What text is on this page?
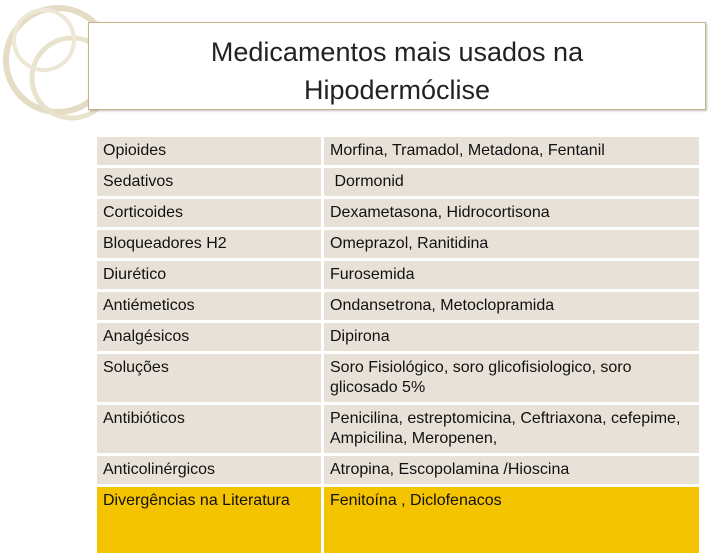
Medicamentos mais usados na
Hipodermóclise
Opioides	Morfina, Tramadol, Metadona, Fentanil
Sedativos	Dormonid
Corticoides	Dexametasona, Hidrocortisona
Bloqueadores H2	Omeprazol, Ranitidina
Diurético	Furosemida
Antiémeticos	Ondansetrona, Metoclopramida
Analgésicos	Dipirona
Soluções	Soro Fisiológico, soro glicofisiologico, soro glicosado 5%
Antibióticos	Penicilina, estreptomicina, Ceftriaxona, cefepime, Ampicilina, Meropenen,
Anticolinérgicos	Atropina, Escopolamina /Hioscina
Divergências na Literatura	Fenitoína , Diclofenacos
